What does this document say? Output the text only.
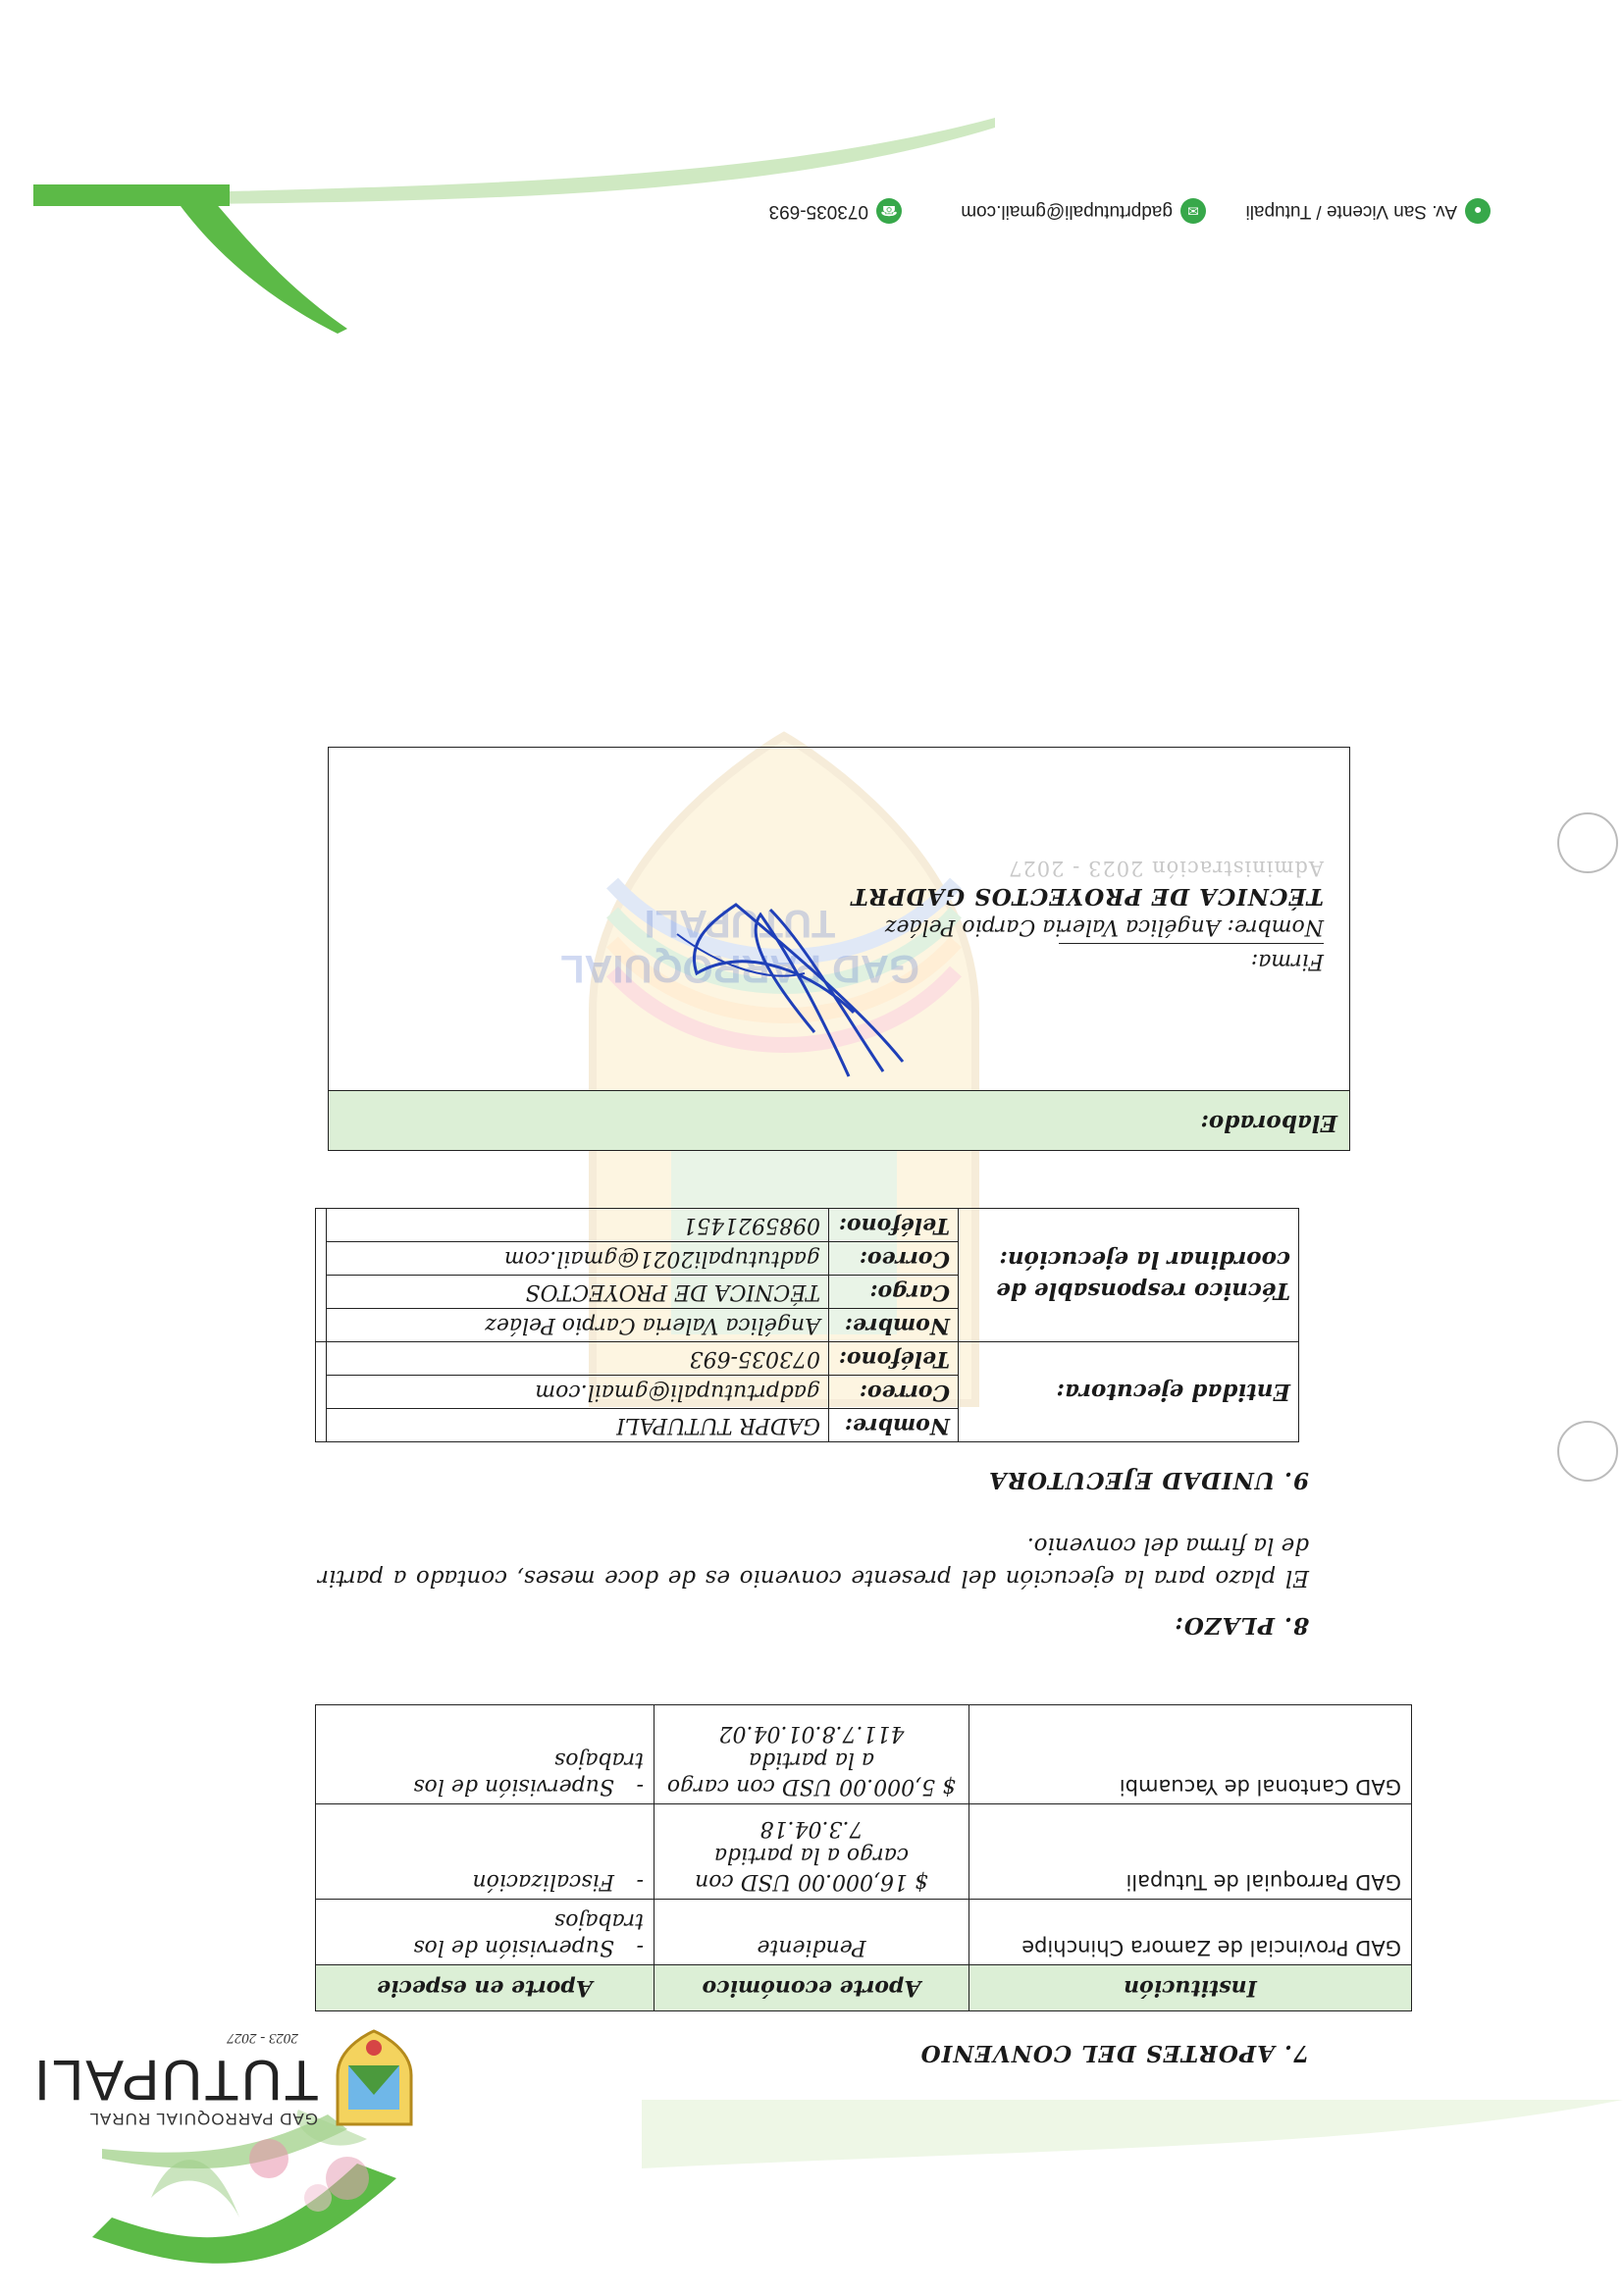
GAD PARROQUIAL RURAL
TUTUPALI
2023 - 2027
GAD PARROQUIAL
TUTUPALI
7. APORTES DEL CONVENIO
Institución	Aporte económico	Aporte en especie
GAD Provincial de Zamora Chinchipe	Pendiente	-Supervisión de los trabajos
GAD Parroquial de Tutupali	$ 16,000.00 USD con cargo a la partida 7.3.04.18	-Fiscalización
GAD Cantonal de Yacuambi	$ 5,000.00 USD con cargo a la partida 411.7.8.01.04.02	-Supervisión de los trabajos
8. PLAZO:
El plazo para la ejecución del presente convenio es de doce meses, contado a partir de la firma del convenio.
9. UNIDAD EJECUTORA
Entidad ejecutora:	Nombre:	GADPR TUTUPALI	
	Correo:	gadprtutupali@gmail.com	
	Teléfono:	073035-693	
Técnico responsable de coordinar la ejecución:	Nombre:	Angélica Valeria Carpio Peláez	
	Cargo:	TÉCNICA DE PROYECTOS	
	Correo:	gadtutupali2021@gmail.com	
	Teléfono:	0985921451	
Elaborado:
Firma:
Nombre: Angélica Valeria Carpio Peláez
TÉCNICA DE PROYECTOS GADPRT
Administración 2023 - 2027
●
Av. San Vicente / Tutupali
✉
gadprtutupali@gmail.com
☎
073035-693
